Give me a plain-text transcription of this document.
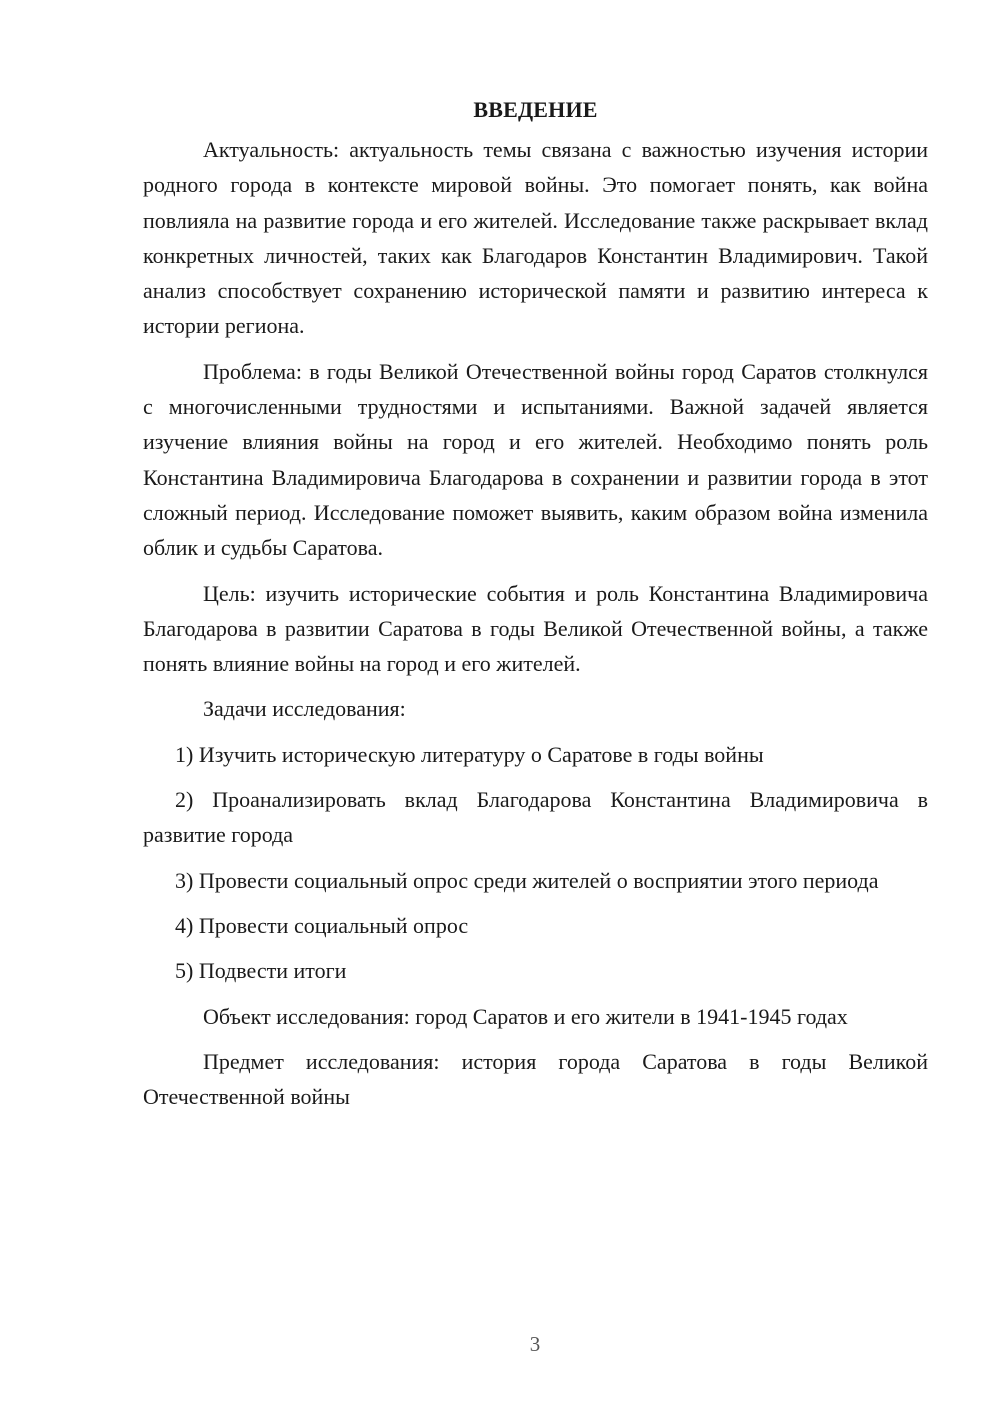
ВВЕДЕНИЕ

Актуальность: актуальность темы связана с важностью изучения истории родного города в контексте мировой войны. Это помогает понять, как война повлияла на развитие города и его жителей. Исследование также раскрывает вклад конкретных личностей, таких как Благодаров Константин Владимирович. Такой анализ способствует сохранению исторической памяти и развитию интереса к истории региона.

Проблема: в годы Великой Отечественной войны город Саратов столкнулся с многочисленными трудностями и испытаниями. Важной задачей является изучение влияния войны на город и его жителей. Необходимо понять роль Константина Владимировича Благодарова в сохранении и развитии города в этот сложный период. Исследование поможет выявить, каким образом война изменила облик и судьбы Саратова.

Цель: изучить исторические события и роль Константина Владимировича Благодарова в развитии Саратова в годы Великой Отечественной войны, а также понять влияние войны на город и его жителей.

Задачи исследования:

1) Изучить историческую литературу о Саратове в годы войны

2) Проанализировать вклад Благодарова Константина Владимировича в развитие города

3) Провести социальный опрос среди жителей о восприятии этого периода

4) Провести социальный опрос

5) Подвести итоги

Объект исследования: город Саратов и его жители в 1941-1945 годах

Предмет исследования: история города Саратова в годы Великой Отечественной войны

3
